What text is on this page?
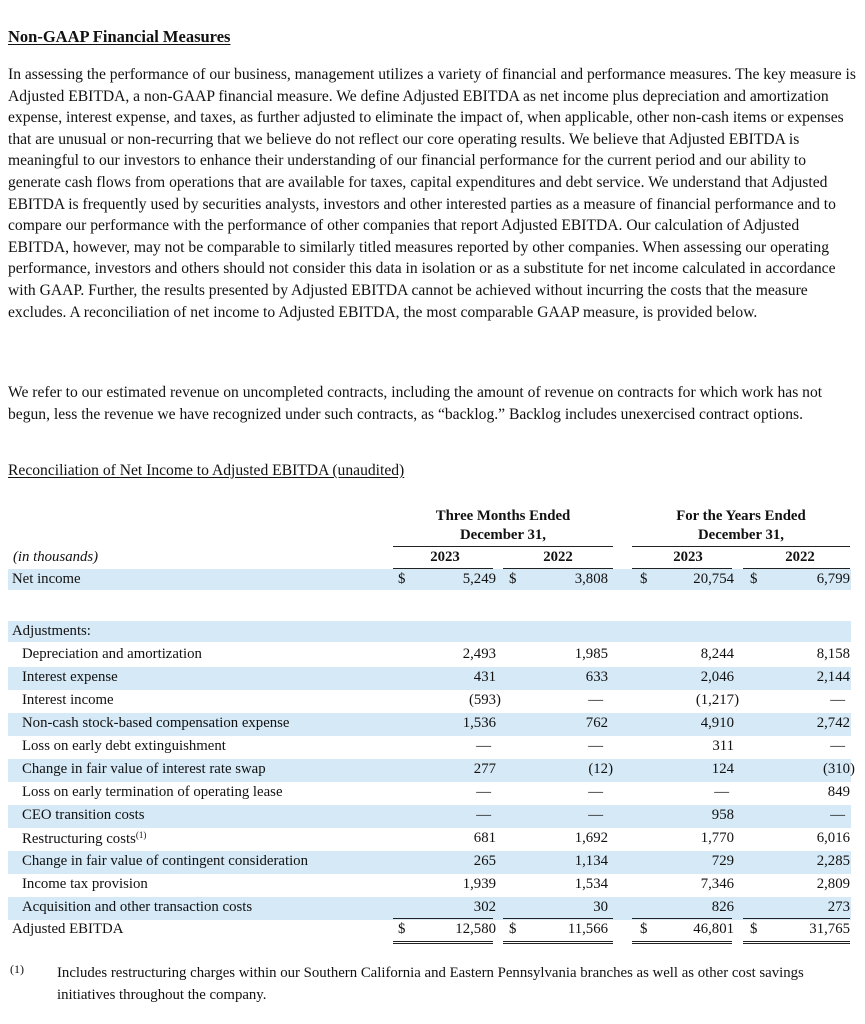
Non-GAAP Financial Measures

In assessing the performance of our business, management utilizes a variety of financial and performance measures. The key measure is Adjusted EBITDA, a non-GAAP financial measure. We define Adjusted EBITDA as net income plus depreciation and amortization expense, interest expense, and taxes, as further adjusted to eliminate the impact of, when applicable, other non-cash items or expenses that are unusual or non-recurring that we believe do not reflect our core operating results. We believe that Adjusted EBITDA is meaningful to our investors to enhance their understanding of our financial performance for the current period and our ability to generate cash flows from operations that are available for taxes, capital expenditures and debt service. We understand that Adjusted EBITDA is frequently used by securities analysts, investors and other interested parties as a measure of financial performance and to compare our performance with the performance of other companies that report Adjusted EBITDA. Our calculation of Adjusted EBITDA, however, may not be comparable to similarly titled measures reported by other companies. When assessing our operating performance, investors and others should not consider this data in isolation or as a substitute for net income calculated in accordance with GAAP. Further, the results presented by Adjusted EBITDA cannot be achieved without incurring the costs that the measure excludes. A reconciliation of net income to Adjusted EBITDA, the most comparable GAAP measure, is provided below.

We refer to our estimated revenue on uncompleted contracts, including the amount of revenue on contracts for which work has not begun, less the revenue we have recognized under such contracts, as “backlog.” Backlog includes unexercised contract options.

Reconciliation of Net Income to Adjusted EBITDA (unaudited)

Three Months Ended
December 31,
For the Years Ended
December 31,
(in thousands)	2023	2022	2023	2022
Net income	$	5,249 $	3,808 $	20,754 $	6,799
Adjustments:
Depreciation and amortization	2,493	1,985	8,244	8,158
Interest expense	431	633	2,046	2,144
Interest income	(593)	—	(1,217)	—
Non-cash stock-based compensation expense	1,536	762	4,910	2,742
Loss on early debt extinguishment	—	—	311	—
Change in fair value of interest rate swap	277	(12)	124	(310)
Loss on early termination of operating lease	—	—	—	849
CEO transition costs	—	—	958	—
Restructuring costs$^{(1)}$	681	1,692	1,770	6,016
Change in fair value of contingent consideration	265	1,134	729	2,285
Income tax provision	1,939	1,534	7,346	2,809
Acquisition and other transaction costs	302	30	826	273
Adjusted EBITDA	$	12,580 $	11,566 $	46,801 $	31,765
(1) Includes restructuring charges within our Southern California and Eastern Pennsylvania branches as well as other cost savings initiatives throughout the company.
